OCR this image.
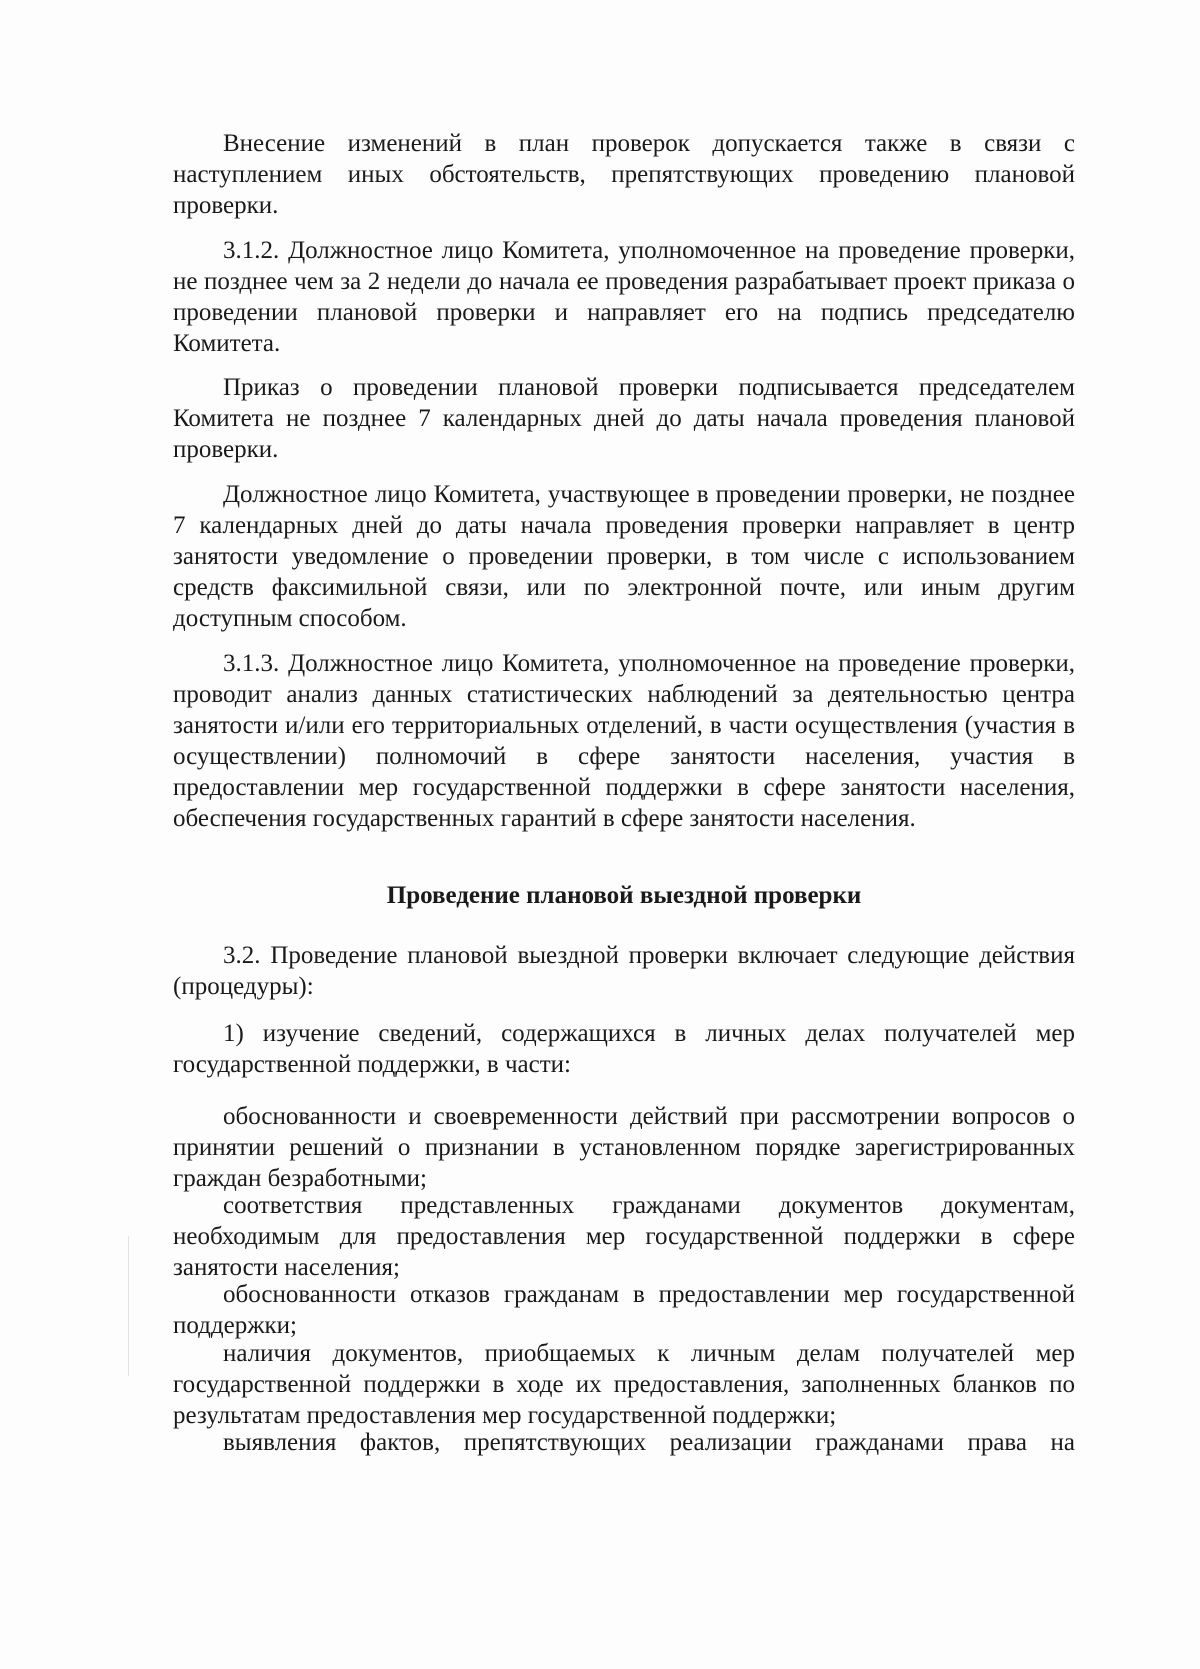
Внесение изменений в план проверок допускается также в связи с наступлением иных обстоятельств, препятствующих проведению плановой проверки.

3.1.2. Должностное лицо Комитета, уполномоченное на проведение проверки, не позднее чем за 2 недели до начала ее проведения разрабатывает проект приказа о проведении плановой проверки и направляет его на подпись председателю Комитета.

Приказ о проведении плановой проверки подписывается председателем Комитета не позднее 7 календарных дней до даты начала проведения плановой проверки.

Должностное лицо Комитета, участвующее в проведении проверки, не позднее 7 календарных дней до даты начала проведения проверки направляет в центр занятости уведомление о проведении проверки, в том числе с использованием средств факсимильной связи, или по электронной почте, или иным другим доступным способом.

3.1.3. Должностное лицо Комитета, уполномоченное на проведение проверки, проводит анализ данных статистических наблюдений за деятельностью центра занятости и/или его территориальных отделений, в части осуществления (участия в осуществлении) полномочий в сфере занятости населения, участия в предоставлении мер государственной поддержки в сфере занятости населения, обеспечения государственных гарантий в сфере занятости населения.

Проведение плановой выездной проверки

3.2. Проведение плановой выездной проверки включает следующие действия (процедуры):

1) изучение сведений, содержащихся в личных делах получателей мер государственной поддержки, в части:

обоснованности и своевременности действий при рассмотрении вопросов о принятии решений о признании в установленном порядке зарегистрированных граждан безработными;

соответствия представленных гражданами документов документам, необходимым для предоставления мер государственной поддержки в сфере занятости населения;

обоснованности отказов гражданам в предоставлении мер государственной поддержки;

наличия документов, приобщаемых к личным делам получателей мер государственной поддержки в ходе их предоставления, заполненных бланков по результатам предоставления мер государственной поддержки;

выявления фактов, препятствующих реализации гражданами права на
